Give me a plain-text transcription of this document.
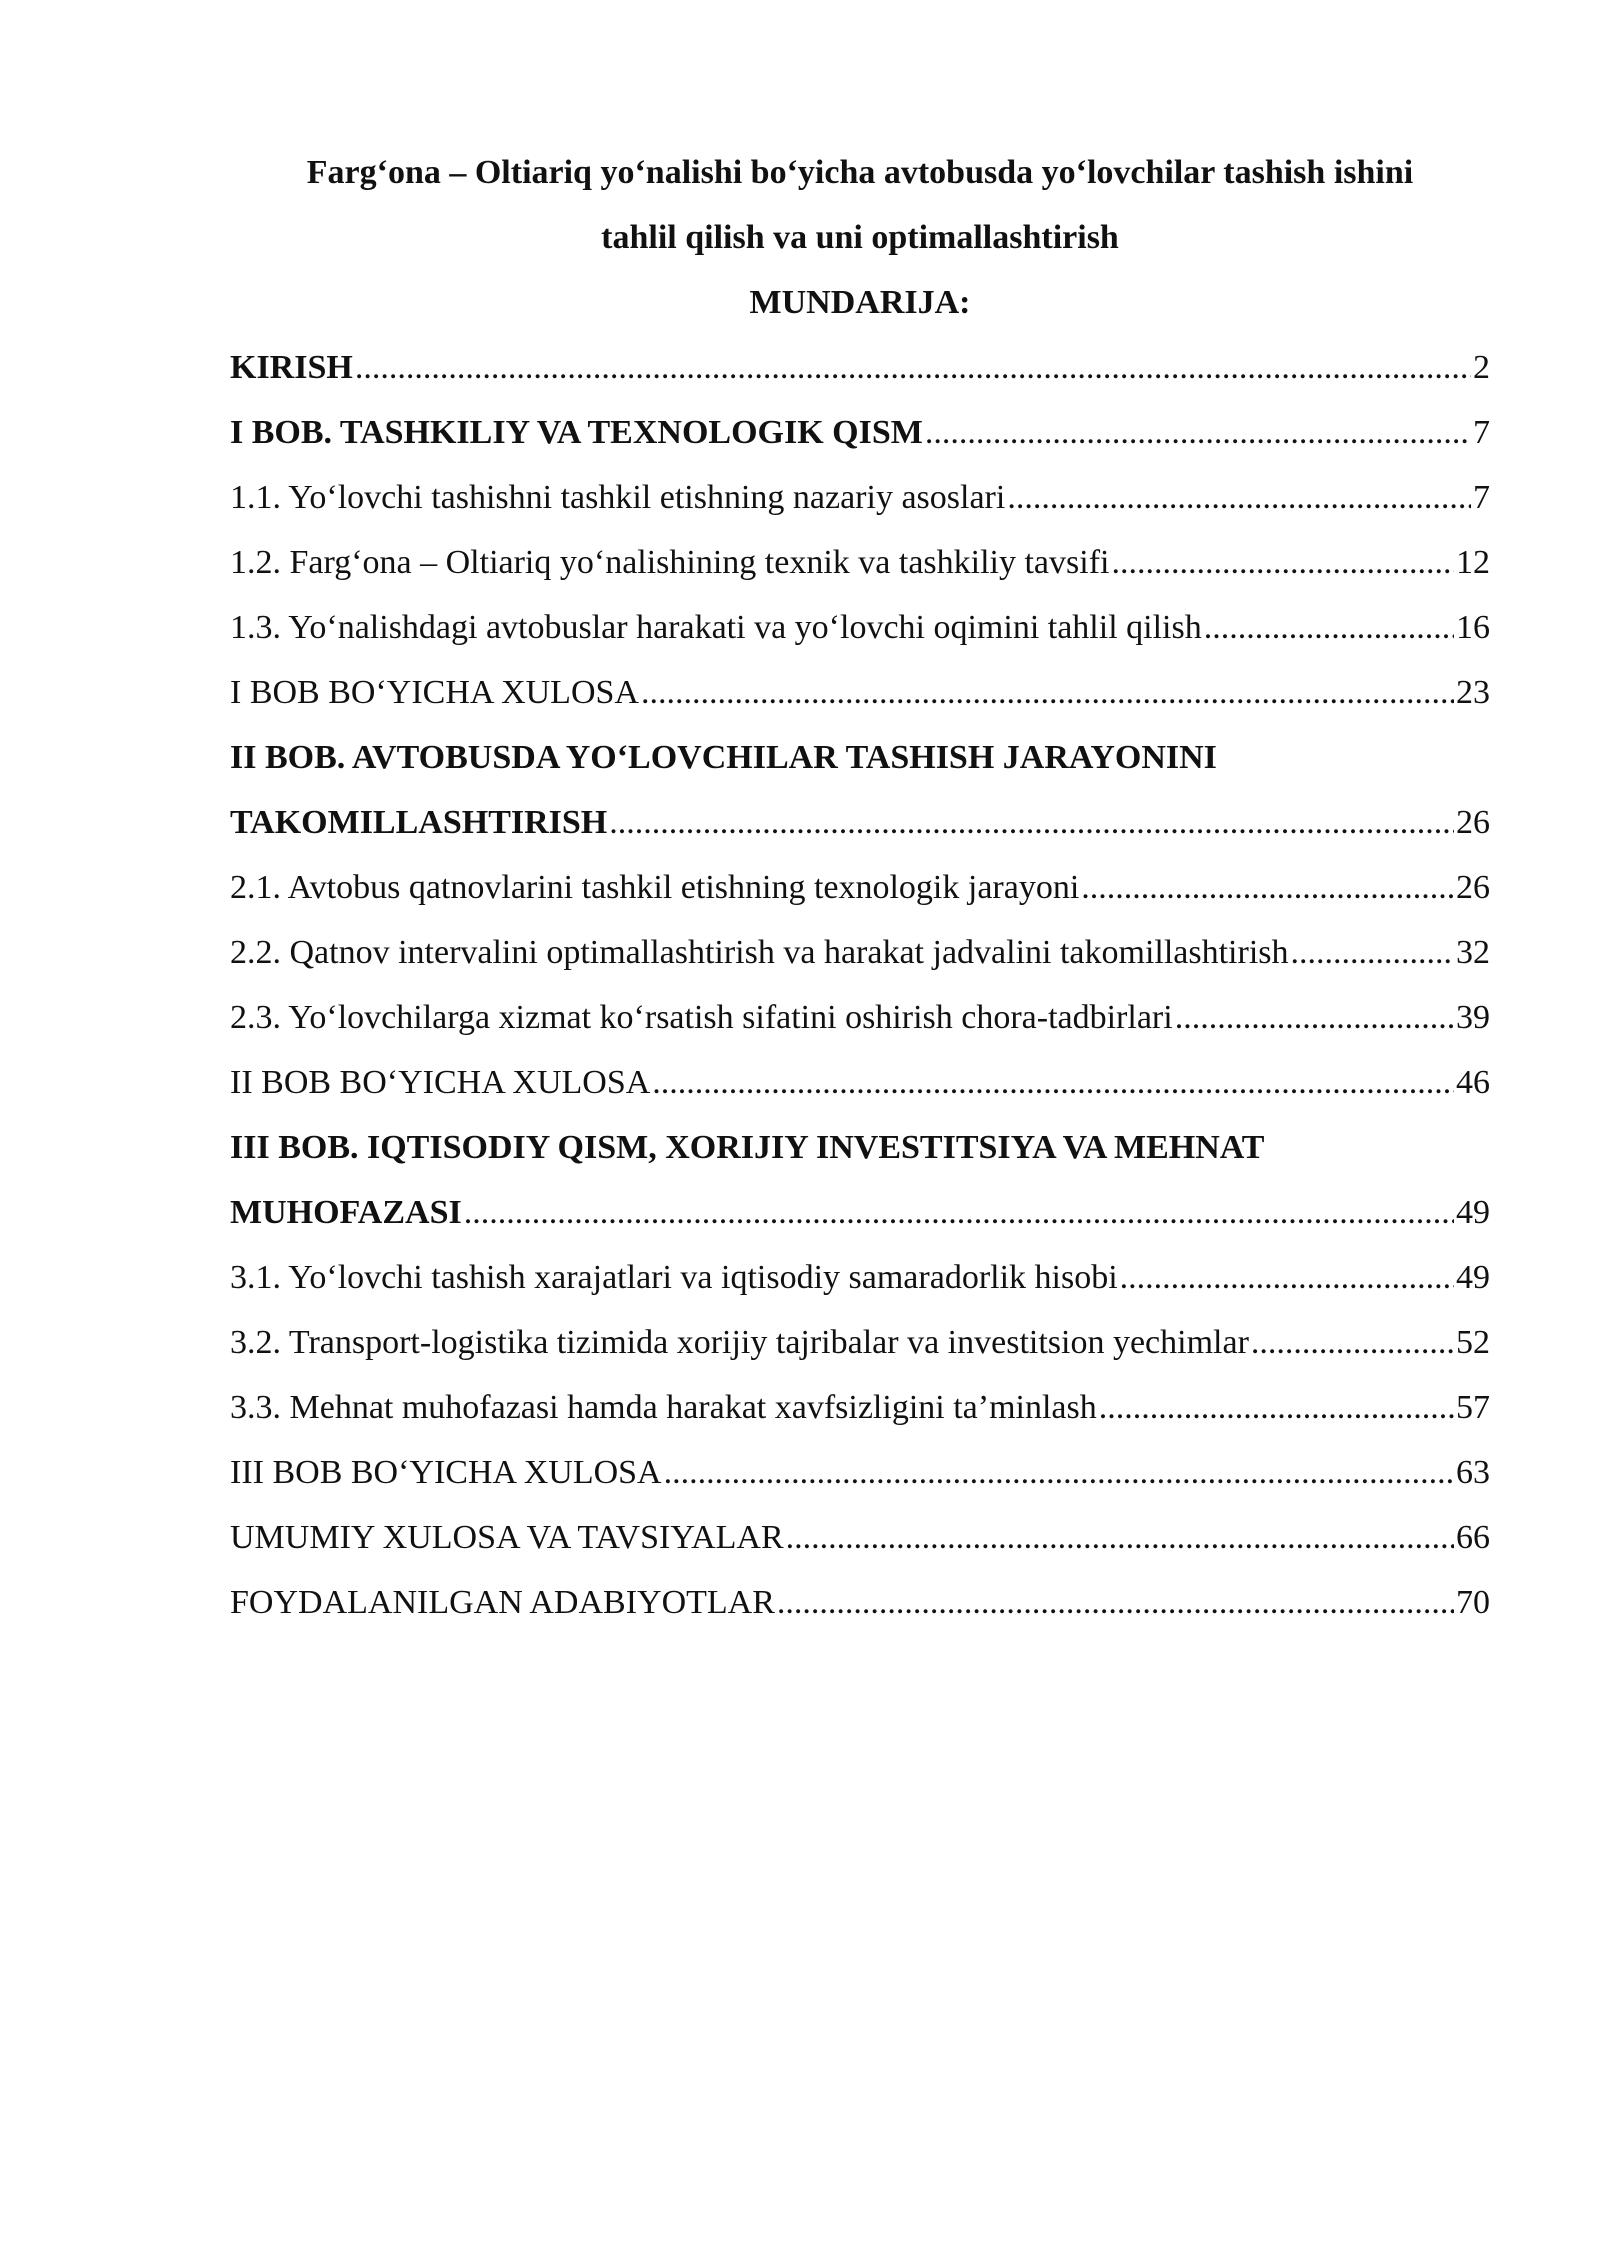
Farg‘ona – Oltiariq yo‘nalishi bo‘yicha avtobusda yo‘lovchilar tashish ishini

tahlil qilish va uni optimallashtirish

MUNDARIJA:

KIRISH .....	2
I BOB. TASHKILIY VA TEXNOLOGIK QISM .....	7
1.1. Yo‘lovchi tashishni tashkil etishning nazariy asoslari .....	7
1.2. Farg‘ona – Oltiariq yo‘nalishining texnik va tashkiliy tavsifi .....	12
1.3. Yo‘nalishdagi avtobuslar harakati va yo‘lovchi oqimini tahlil qilish .....	16
I BOB BO‘YICHA XULOSA .....	23
II BOB. AVTOBUSDA YO‘LOVCHILAR TASHISH JARAYONINI
TAKOMILLASHTIRISH .....	26
2.1. Avtobus qatnovlarini tashkil etishning texnologik jarayoni .....	26
2.2. Qatnov intervalini optimallashtirish va harakat jadvalini takomillashtirish .....	32
2.3. Yo‘lovchilarga xizmat ko‘rsatish sifatini oshirish chora-tadbirlari .....	39
II BOB BO‘YICHA XULOSA .....	46
III BOB. IQTISODIY QISM, XORIJIY INVESTITSIYA VA MEHNAT
MUHOFAZASI .....	49
3.1. Yo‘lovchi tashish xarajatlari va iqtisodiy samaradorlik hisobi .....	49
3.2. Transport-logistika tizimida xorijiy tajribalar va investitsion yechimlar .....	52
3.3. Mehnat muhofazasi hamda harakat xavfsizligini ta’minlash .....	57
III BOB BO‘YICHA XULOSA .....	63
UMUMIY XULOSA VA TAVSIYALAR .....	66
FOYDALANILGAN ADABIYOTLAR .....	70
